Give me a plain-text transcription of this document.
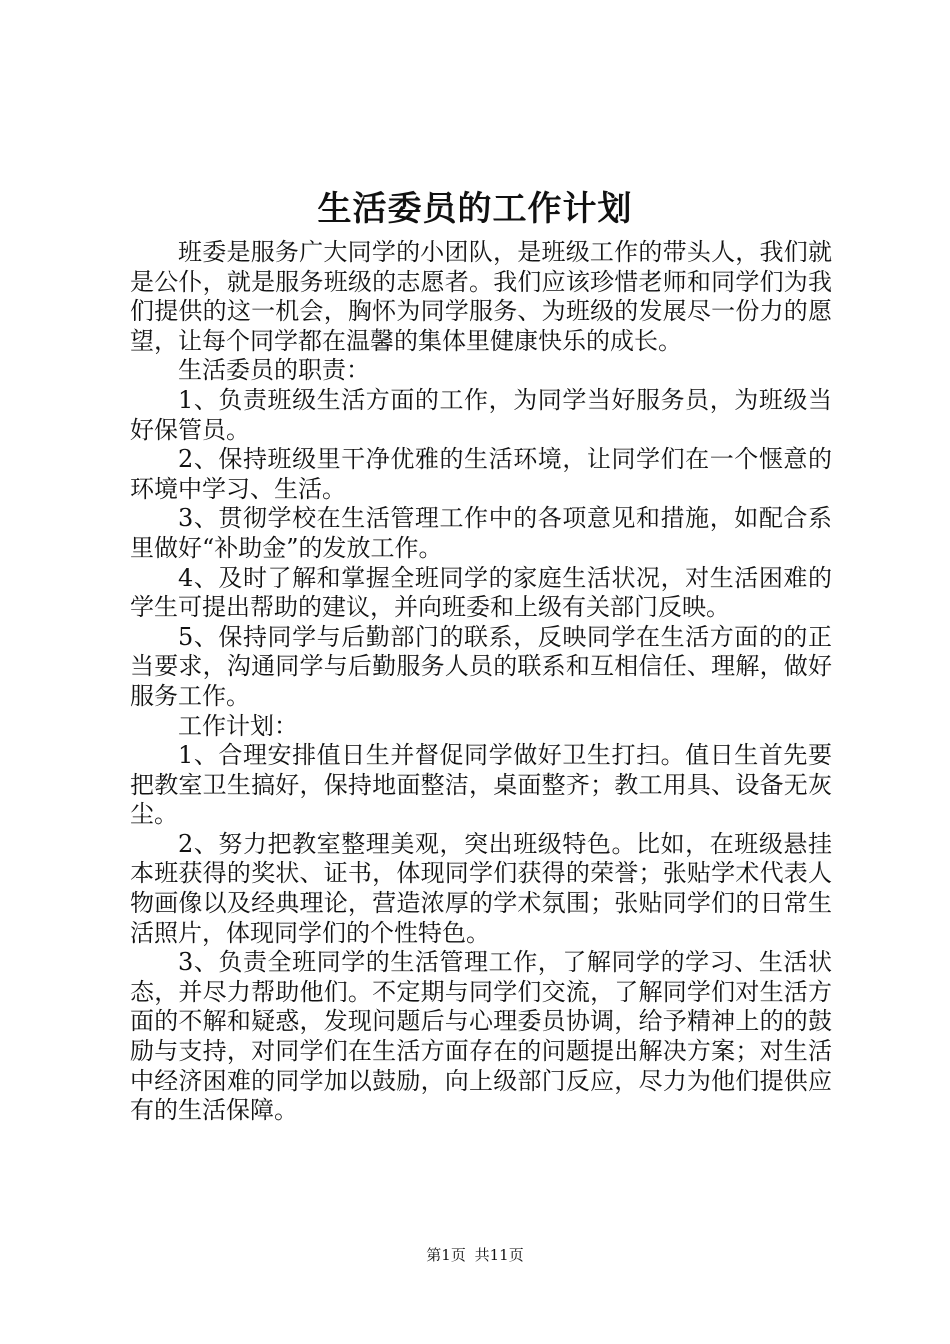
生活委员的工作计划

班委是服务广大同学的小团队，是班级工作的带头人，我们就是公仆，就是服务班级的志愿者。我们应该珍惜老师和同学们为我们提供的这一机会，胸怀为同学服务、为班级的发展尽一份力的愿望，让每个同学都在温馨的集体里健康快乐的成长。

生活委员的职责：

1、负责班级生活方面的工作，为同学当好服务员，为班级当好保管员。

2、保持班级里干净优雅的生活环境，让同学们在一个惬意的环境中学习、生活。

3、贯彻学校在生活管理工作中的各项意见和措施，如配合系里做好“补助金”的发放工作。

4、及时了解和掌握全班同学的家庭生活状况，对生活困难的学生可提出帮助的建议，并向班委和上级有关部门反映。

5、保持同学与后勤部门的联系，反映同学在生活方面的的正当要求，沟通同学与后勤服务人员的联系和互相信任、理解，做好服务工作。

工作计划：

1、合理安排值日生并督促同学做好卫生打扫。值日生首先要把教室卫生搞好，保持地面整洁，桌面整齐；教工用具、设备无灰尘。

2、努力把教室整理美观，突出班级特色。比如，在班级悬挂本班获得的奖状、证书，体现同学们获得的荣誉；张贴学术代表人物画像以及经典理论，营造浓厚的学术氛围；张贴同学们的日常生活照片，体现同学们的个性特色。

3、负责全班同学的生活管理工作，了解同学的学习、生活状态，并尽力帮助他们。不定期与同学们交流，了解同学们对生活方面的不解和疑惑，发现问题后与心理委员协调，给予精神上的的鼓励与支持，对同学们在生活方面存在的问题提出解决方案；对生活中经济困难的同学加以鼓励，向上级部门反应，尽力为他们提供应有的生活保障。

第1页 共11页
